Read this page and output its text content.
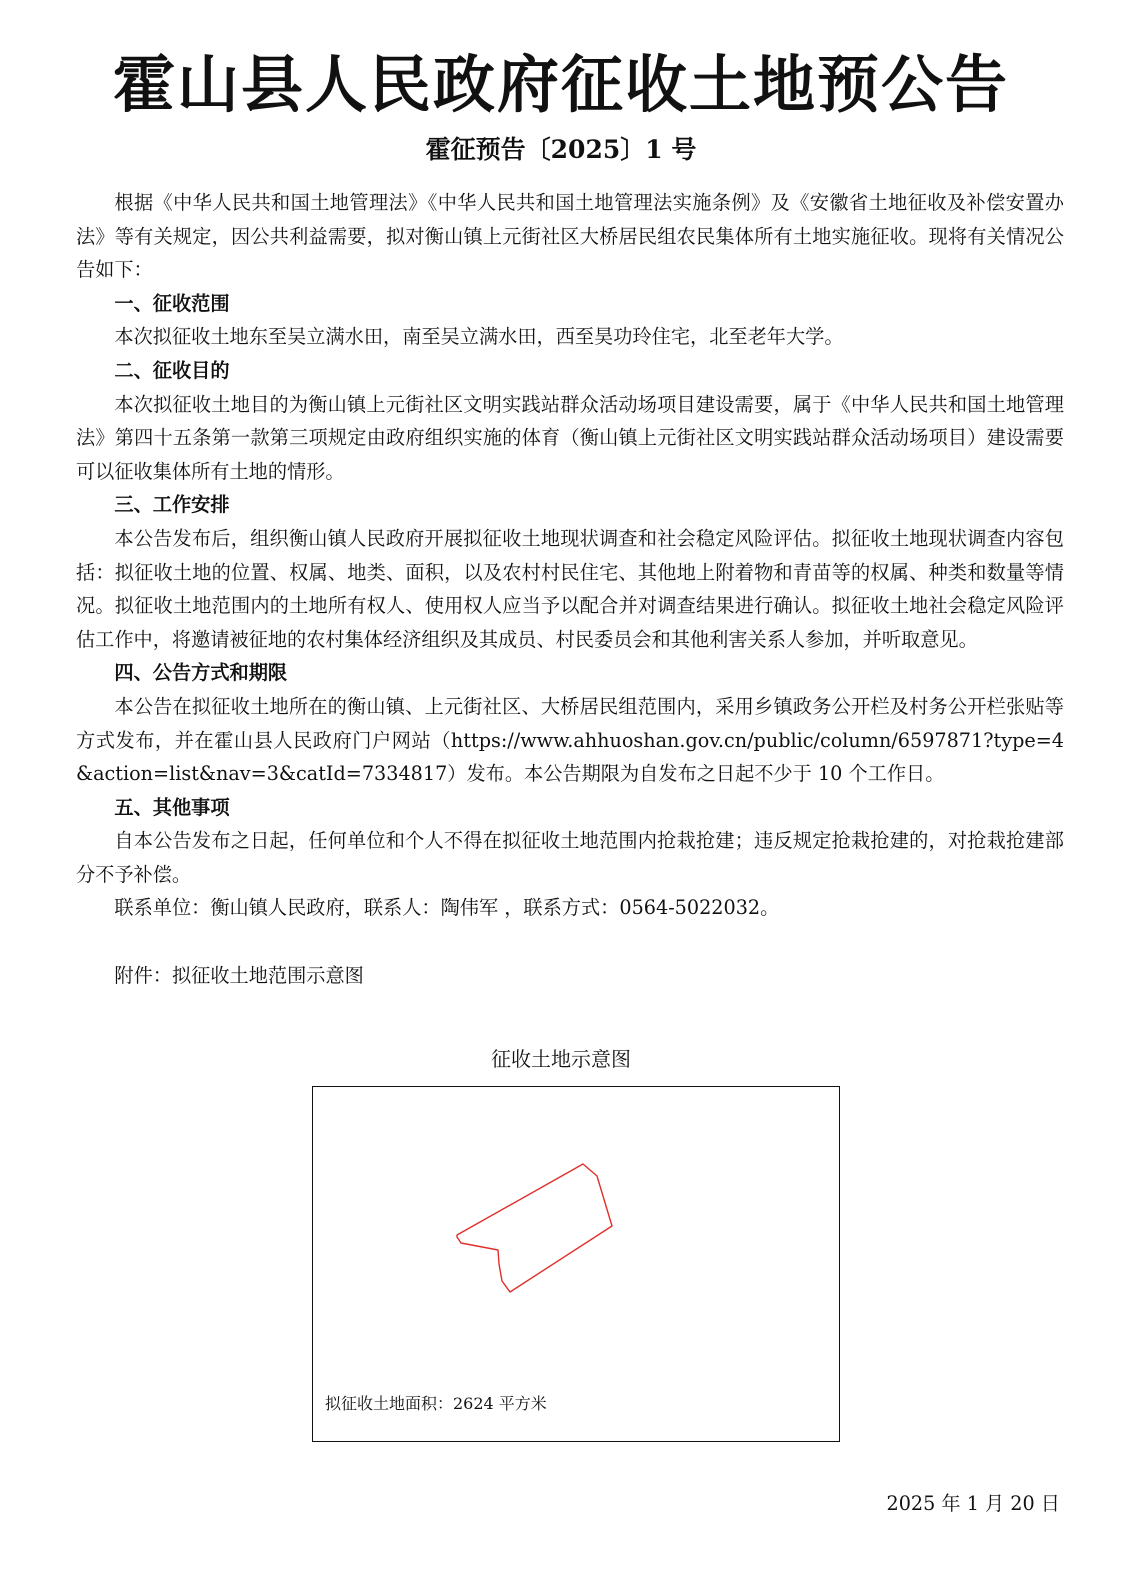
霍山县人民政府征收土地预公告
霍征预告〔2025〕1 号

根据《中华人民共和国土地管理法》《中华人民共和国土地管理法实施条例》及《安徽省土地征收及补偿安置办法》等有关规定，因公共利益需要，拟对衡山镇上元街社区大桥居民组农民集体所有土地实施征收。现将有关情况公告如下：

一、征收范围

本次拟征收土地东至吴立满水田，南至吴立满水田，西至昊功玲住宅，北至老年大学。

二、征收目的

本次拟征收土地目的为衡山镇上元街社区文明实践站群众活动场项目建设需要，属于《中华人民共和国土地管理法》第四十五条第一款第三项规定由政府组织实施的体育（衡山镇上元街社区文明实践站群众活动场项目）建设需要可以征收集体所有土地的情形。

三、工作安排

本公告发布后，组织衡山镇人民政府开展拟征收土地现状调查和社会稳定风险评估。拟征收土地现状调查内容包括：拟征收土地的位置、权属、地类、面积，以及农村村民住宅、其他地上附着物和青苗等的权属、种类和数量等情况。拟征收土地范围内的土地所有权人、使用权人应当予以配合并对调查结果进行确认。拟征收土地社会稳定风险评估工作中，将邀请被征地的农村集体经济组织及其成员、村民委员会和其他利害关系人参加，并听取意见。

四、公告方式和期限

本公告在拟征收土地所在的衡山镇、上元街社区、大桥居民组范围内，采用乡镇政务公开栏及村务公开栏张贴等方式发布，并在霍山县人民政府门户网站（https://www.ahhuoshan.gov.cn/public/column/6597871?type=4&action=list&nav=3&catId=7334817）发布。本公告期限为自发布之日起不少于 10 个工作日。

五、其他事项

自本公告发布之日起，任何单位和个人不得在拟征收土地范围内抢栽抢建；违反规定抢栽抢建的，对抢栽抢建部分不予补偿。

联系单位：衡山镇人民政府，联系人：陶伟军 ，联系方式：0564-5022032。

附件：拟征收土地范围示意图

征收土地示意图
拟征收土地面积：2624 平方米
2025 年 1 月 20 日
